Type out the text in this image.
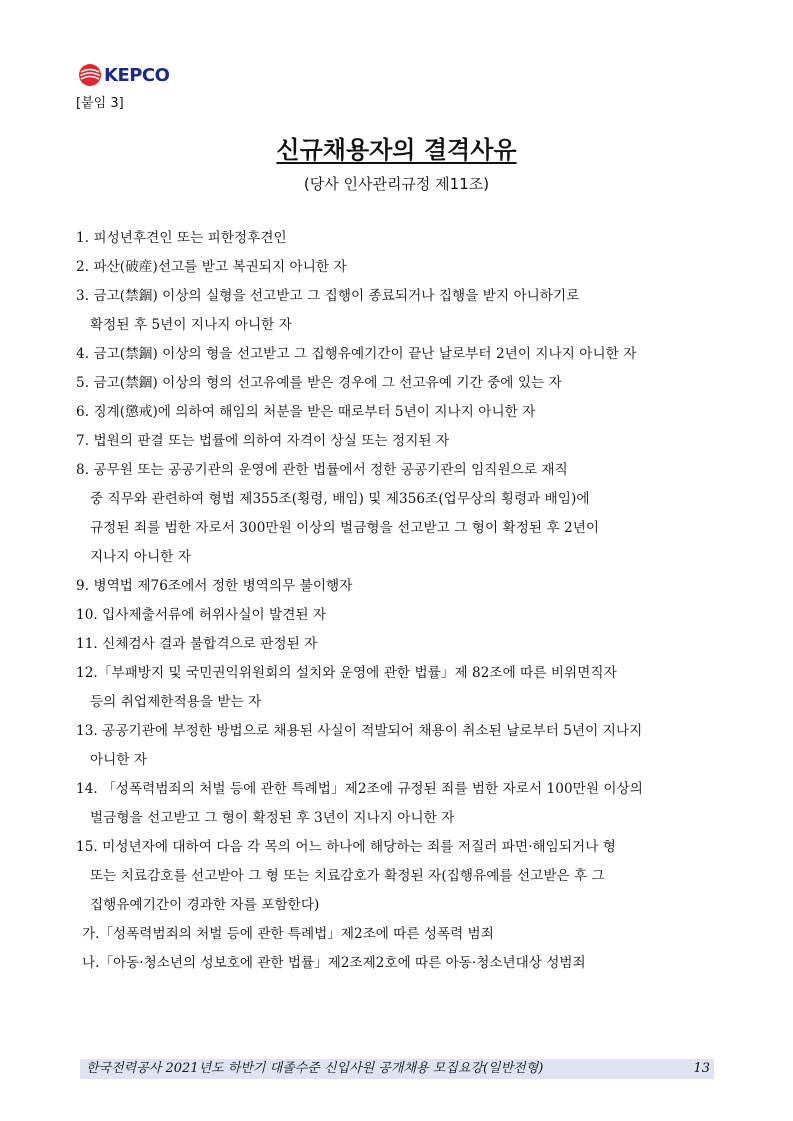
KEPCO
[붙임 3]
신규채용자의 결격사유
(당사 인사관리규정 제11조)
1. 피성년후견인 또는 피한정후견인
2. 파산(破産)선고를 받고 복권되지 아니한 자
3. 금고(禁錮) 이상의 실형을 선고받고 그 집행이 종료되거나 집행을 받지 아니하기로
확정된 후 5년이 지나지 아니한 자
4. 금고(禁錮) 이상의 형을 선고받고 그 집행유예기간이 끝난 날로부터 2년이 지나지 아니한 자
5. 금고(禁錮) 이상의 형의 선고유예를 받은 경우에 그 선고유예 기간 중에 있는 자
6. 징계(懲戒)에 의하여 해임의 처분을 받은 때로부터 5년이 지나지 아니한 자
7. 법원의 판결 또는 법률에 의하여 자격이 상실 또는 정지된 자
8. 공무원 또는 공공기관의 운영에 관한 법률에서 정한 공공기관의 임직원으로 재직
중 직무와 관련하여 형법 제355조(횡령, 배임) 및 제356조(업무상의 횡령과 배임)에
규정된 죄를 범한 자로서 300만원 이상의 벌금형을 선고받고 그 형이 확정된 후 2년이
지나지 아니한 자
9. 병역법 제76조에서 정한 병역의무 불이행자
10. 입사제출서류에 허위사실이 발견된 자
11. 신체검사 결과 불합격으로 판정된 자
12.「부패방지 및 국민권익위원회의 설치와 운영에 관한 법률」제 82조에 따른 비위면직자
등의 취업제한적용을 받는 자
13. 공공기관에 부정한 방법으로 채용된 사실이 적발되어 채용이 취소된 날로부터 5년이 지나지
아니한 자
14. 「성폭력범죄의 처벌 등에 관한 특례법」제2조에 규정된 죄를 범한 자로서 100만원 이상의
벌금형을 선고받고 그 형이 확정된 후 3년이 지나지 아니한 자
15. 미성년자에 대하여 다음 각 목의 어느 하나에 해당하는 죄를 저질러 파면·해임되거나 형
또는 치료감호를 선고받아 그 형 또는 치료감호가 확정된 자(집행유예를 선고받은 후 그
집행유예기간이 경과한 자를 포함한다)
가.「성폭력범죄의 처벌 등에 관한 특례법」제2조에 따른 성폭력 범죄
나.「아동·청소년의 성보호에 관한 법률」제2조제2호에 따른 아동·청소년대상 성범죄
한국전력공사 2021년도 하반기 대졸수준 신입사원 공개채용 모집요강(일반전형)	13
